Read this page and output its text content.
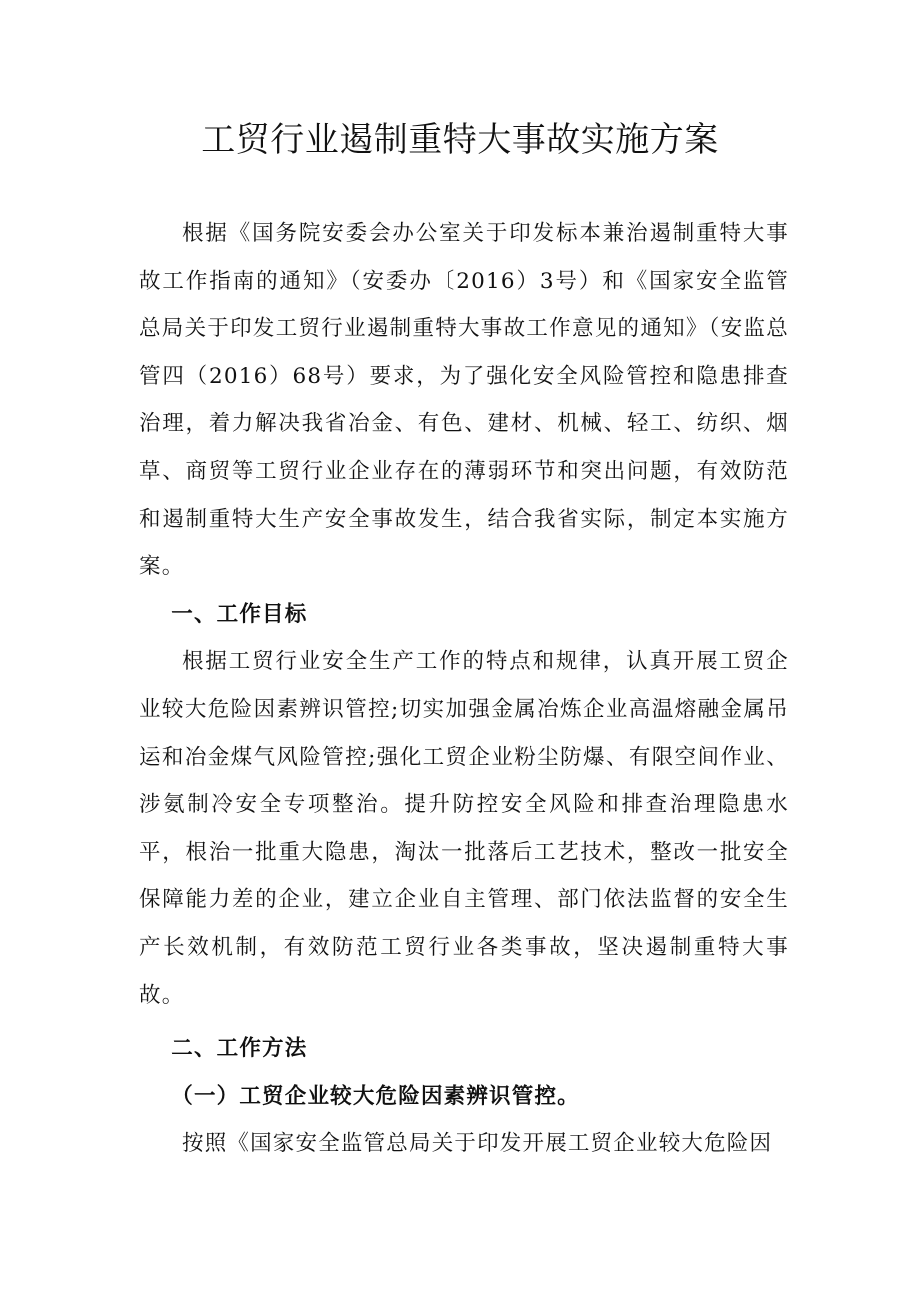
工贸行业遏制重特大事故实施方案

根据《国务院安委会办公室关于印发标本兼治遏制重特大事故工作指南的通知》（安委办〔2016）3号）和《国家安全监管总局关于印发工贸行业遏制重特大事故工作意见的通知》（安监总管四（2016）68号）要求，为了强化安全风险管控和隐患排查治理，着力解决我省冶金、有色、建材、机械、轻工、纺织、烟草、商贸等工贸行业企业存在的薄弱环节和突出问题，有效防范和遏制重特大生产安全事故发生，结合我省实际，制定本实施方案。

一、工作目标

根据工贸行业安全生产工作的特点和规律，认真开展工贸企业较大危险因素辨识管控;切实加强金属冶炼企业高温熔融金属吊运和冶金煤气风险管控;强化工贸企业粉尘防爆、有限空间作业、涉氨制冷安全专项整治。提升防控安全风险和排查治理隐患水平，根治一批重大隐患，淘汰一批落后工艺技术，整改一批安全保障能力差的企业，建立企业自主管理、部门依法监督的安全生产长效机制，有效防范工贸行业各类事故，坚决遏制重特大事故。

二、工作方法

（一）工贸企业较大危险因素辨识管控。

按照《国家安全监管总局关于印发开展工贸企业较大危险因
